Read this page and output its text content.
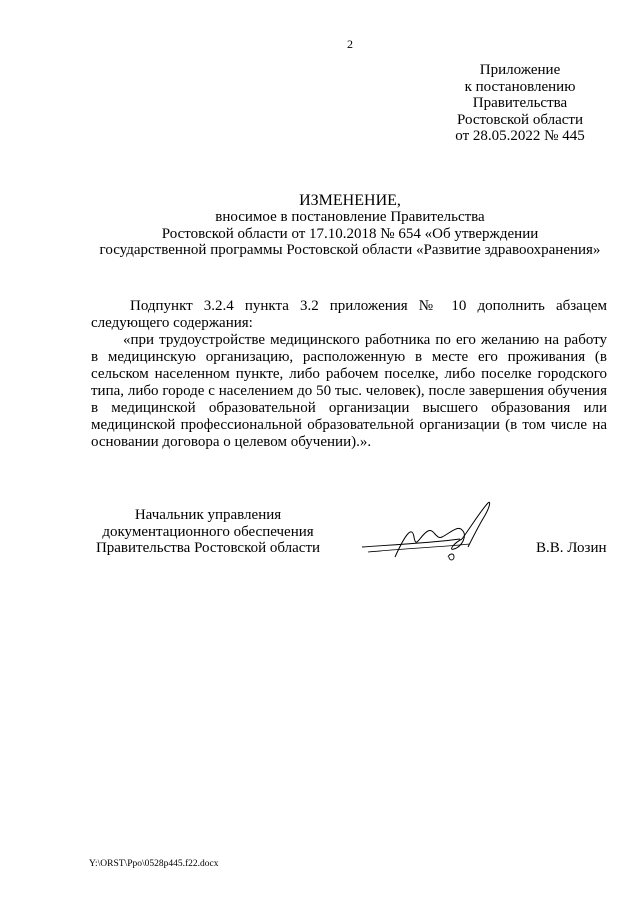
2
Приложение
к постановлению
Правительства
Ростовской области
от 28.05.2022 № 445
ИЗМЕНЕНИЕ,
вносимое в постановление Правительства
Ростовской области от 17.10.2018 № 654 «Об утверждении
государственной программы Ростовской области «Развитие здравоохранения»
Подпункт 3.2.4 пункта 3.2 приложения № 10 дополнить абзацем следующего содержания:
«при трудоустройстве медицинского работника по его желанию на работу в медицинскую организацию, расположенную в месте его проживания (в сельском населенном пункте, либо рабочем поселке, либо поселке городского типа, либо городе с населением до 50 тыс. человек), после завершения обучения в медицинской образовательной организации высшего образования или медицинской профессиональной образовательной организации (в том числе на основании договора о целевом обучении).».
Начальник управления
документационного обеспечения
Правительства Ростовской области	В.В. Лозин
Y:\ORST\Ppo\0528p445.f22.docx
